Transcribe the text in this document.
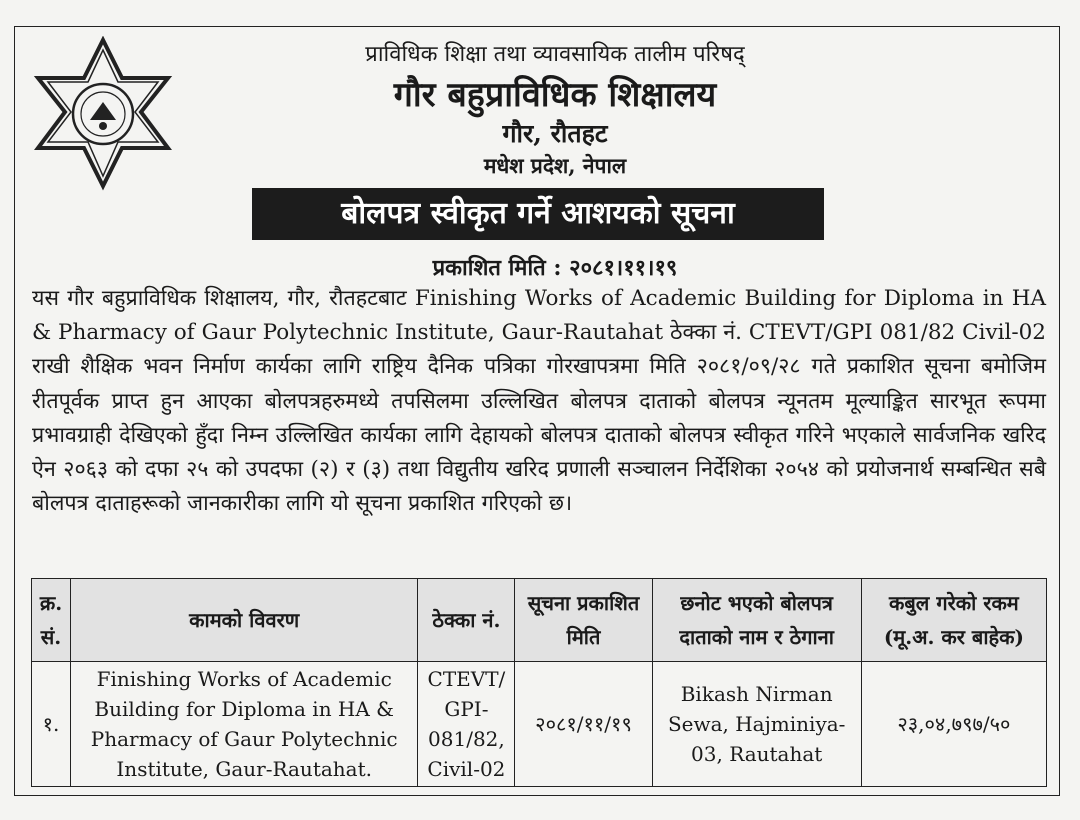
प्राविधिक शिक्षा तथा व्यावसायिक तालीम परिषद्
गौर बहुप्राविधिक शिक्षालय
गौर, रौतहट
मधेश प्रदेश, नेपाल
बोलपत्र स्वीकृत गर्ने आशयको सूचना
प्रकाशित मिति : २०८१।११।१९
यस गौर बहुप्राविधिक शिक्षालय, गौर, रौतहटबाट Finishing Works of Academic Building for Diploma in HA & Pharmacy of Gaur Polytechnic Institute, Gaur-Rautahat ठेक्का नं. CTEVT/GPI 081/82 Civil-02 राखी शैक्षिक भवन निर्माण कार्यका लागि राष्ट्रिय दैनिक पत्रिका गोरखापत्रमा मिति २०८१/०९/२८ गते प्रकाशित सूचना बमोजिम रीतपूर्वक प्राप्त हुन आएका बोलपत्रहरुमध्ये तपसिलमा उल्लिखित बोलपत्र दाताको बोलपत्र न्यूनतम मूल्याङ्कित सारभूत रूपमा प्रभावग्राही देखिएको हुँदा निम्न उल्लिखित कार्यका लागि देहायको बोलपत्र दाताको बोलपत्र स्वीकृत गरिने भएकाले सार्वजनिक खरिद ऐन २०६३ को दफा २५ को उपदफा (२) र (३) तथा विद्युतीय खरिद प्रणाली सञ्चालन निर्देशिका २०५४ को प्रयोजनार्थ सम्बन्धित सबै बोलपत्र दाताहरूको जानकारीका लागि यो सूचना प्रकाशित गरिएको छ।
क्र. सं.	कामको विवरण	ठेक्का नं.	सूचना प्रकाशित मिति	छनोट भएको बोलपत्र दाताको नाम र ठेगाना	कबुल गरेको रकम (मू.अ. कर बाहेक)
१.	Finishing Works of Academic Building for Diploma in HA & Pharmacy of Gaur Polytechnic Institute, Gaur-Rautahat.	CTEVT/ GPI-081/82, Civil-02	२०८१/११/१९	Bikash Nirman Sewa, Hajminiya-03, Rautahat	२३,०४,७९७/५०
